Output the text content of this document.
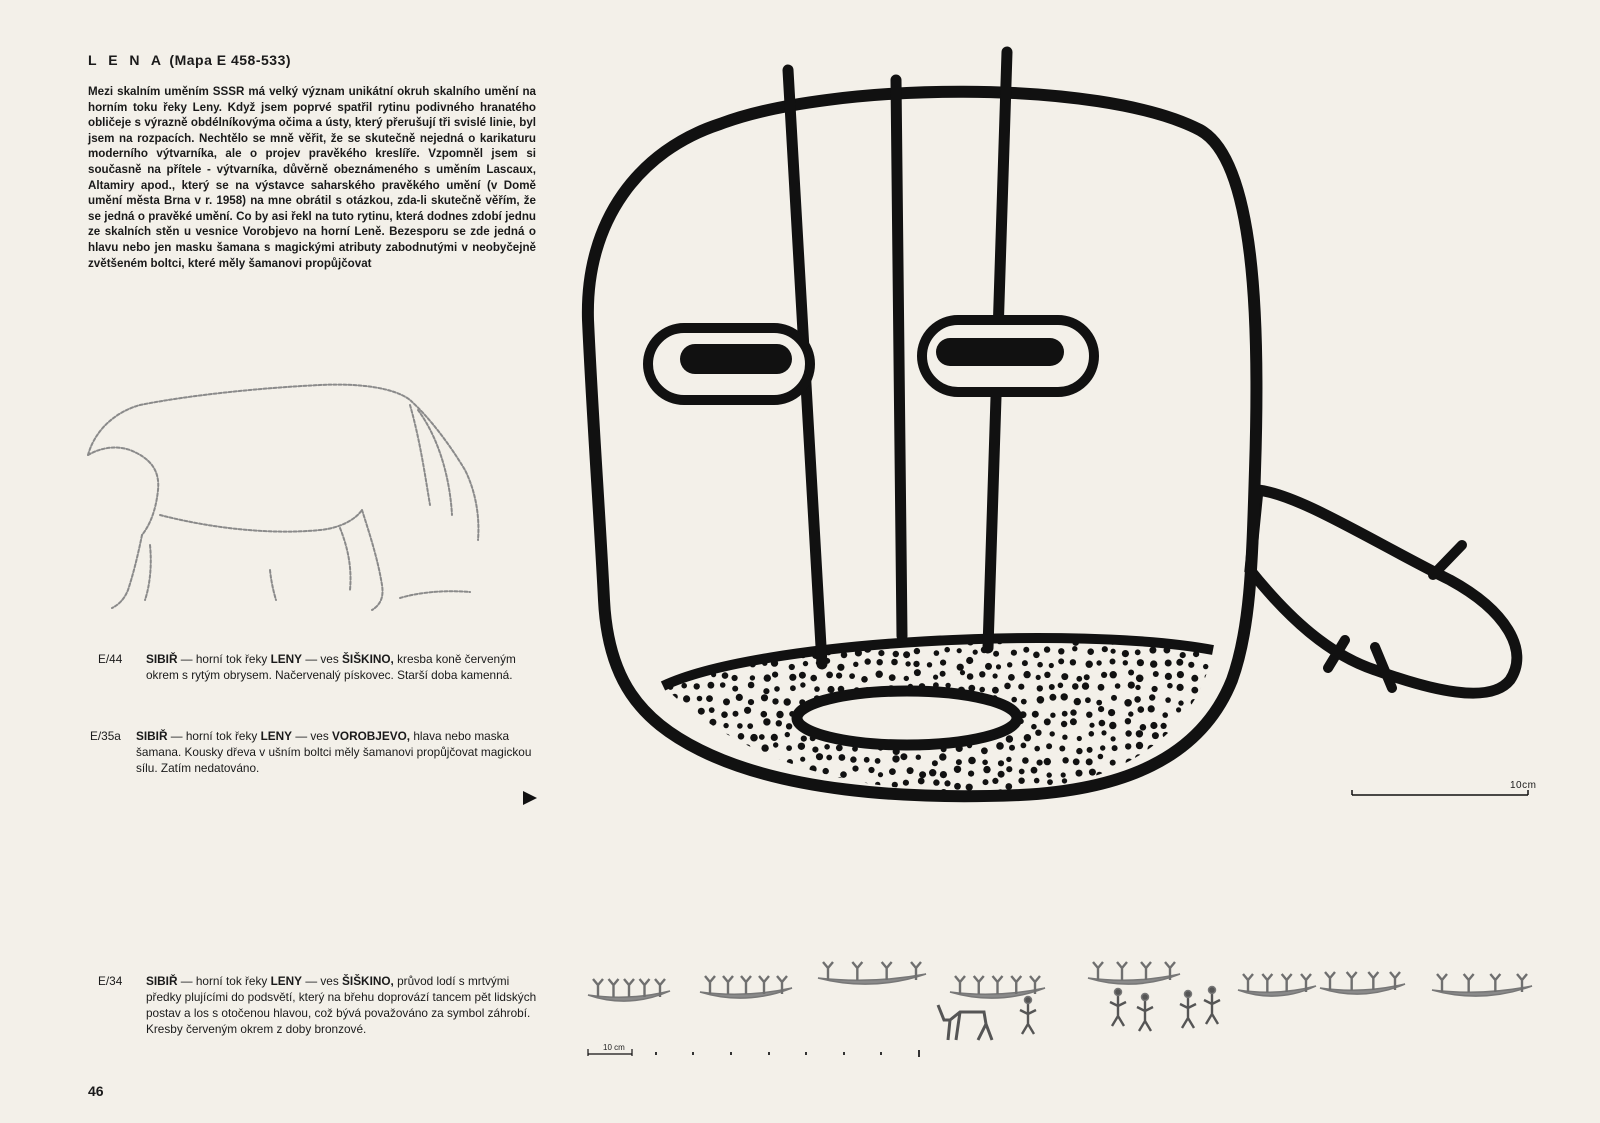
L E N A (Mapa E 458-533)

Mezi skalním uměním SSSR má velký význam unikátní okruh skalního umění na horním toku řeky Leny. Když jsem poprvé spatřil rytinu podivného hranatého obličeje s výrazně obdélníkovýma očima a ústy, který přerušují tři svislé linie, byl jsem na rozpacích. Nechtělo se mně věřit, že se skutečně nejedná o karikaturu moderního výtvarníka, ale o projev pravěkého kreslíře. Vzpomněl jsem si současně na přítele - výtvarníka, důvěrně obeznámeného s uměním Lascaux, Altamiry apod., který se na výstavce saharského pravěkého umění (v Domě umění města Brna v r. 1958) na mne obrátil s otázkou, zda-li skutečně věřím, že se jedná o pravěké umění. Co by asi řekl na tuto rytinu, která dodnes zdobí jednu ze skalních stěn u vesnice Vorobjevo na horní Leně. Bezesporu se zde jedná o hlavu nebo jen masku šamana s magickými atributy zabodnutými v neobyčejně zvětšeném boltci, které měly šamanovi propůjčovat

E/44	SIBIŘ — horní tok řeky LENY — ves ŠIŠKINO, kresba koně červeným okrem s rytým obrysem. Načervenalý pískovec. Starší doba kamenná.
E/35a	SIBIŘ — horní tok řeky LENY — ves VOROBJEVO, hlava nebo maska šamana. Kousky dřeva v ušním boltci měly šamanovi propůjčovat magickou sílu. Zatím nedatováno.
E/34	SIBIŘ — horní tok řeky LENY — ves ŠIŠKINO, průvod lodí s mrtvými předky plujícími do podsvětí, který na břehu doprovází tancem pět lidských postav a los s otočenou hlavou, což bývá považováno za symbol záhrobí. Kresby červeným okrem z doby bronzové.
46
10cm
10 cm
